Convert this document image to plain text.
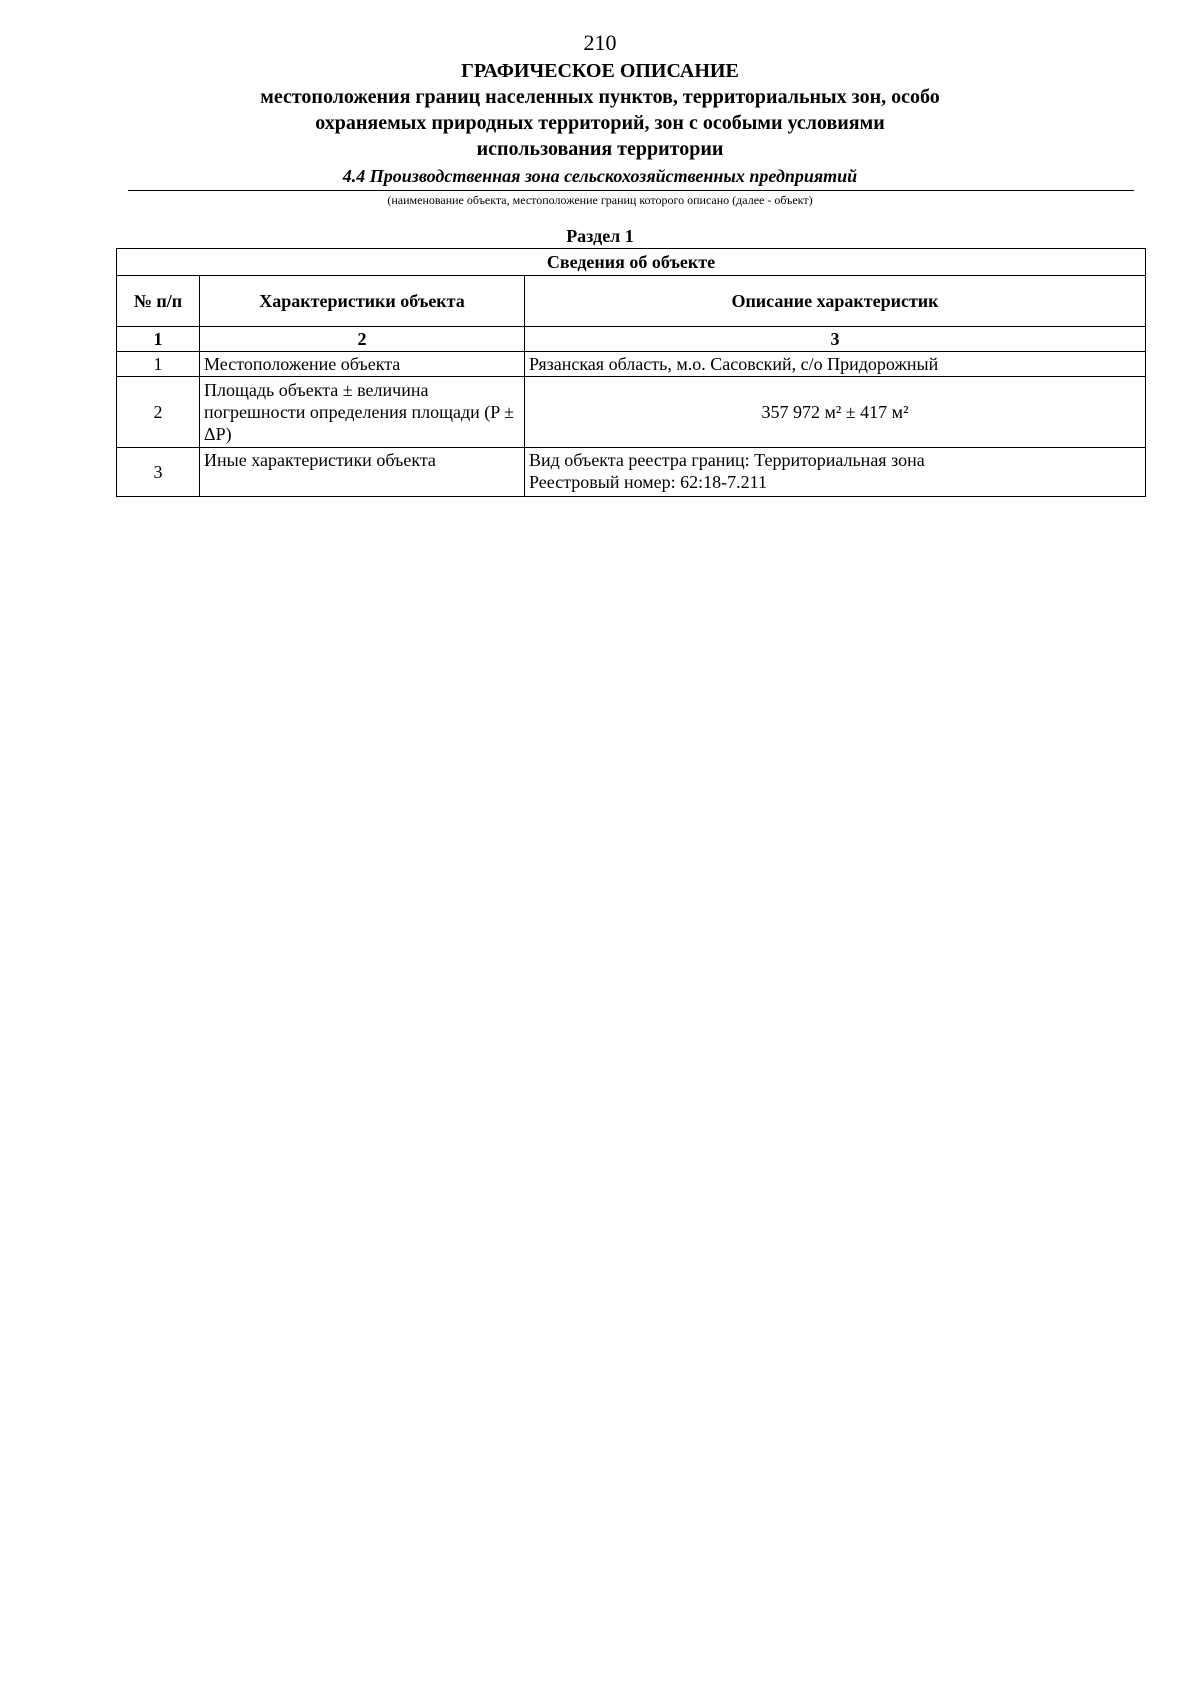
210
ГРАФИЧЕСКОЕ ОПИСАНИЕ
местоположения границ населенных пунктов, территориальных зон, особо охраняемых природных территорий, зон с особыми условиями использования территории
4.4 Производственная зона сельскохозяйственных предприятий
(наименование объекта, местоположение границ которого описано (далее - объект)
Раздел 1
Сведения об объекте		
№ п/п	Характеристики объекта	Описание характеристик
1	2	3
1	Местоположение объекта	Рязанская область, м.о. Сасовский, с/о Придорожный

2	Площадь объекта ± величина погрешности определения площади (P ± ΔP)	357 972 м² ± 417 м²

3	Иные характеристики объекта	Вид объекта реестра границ: Территориальная зона
Реестровый номер: 62:18-7.211
